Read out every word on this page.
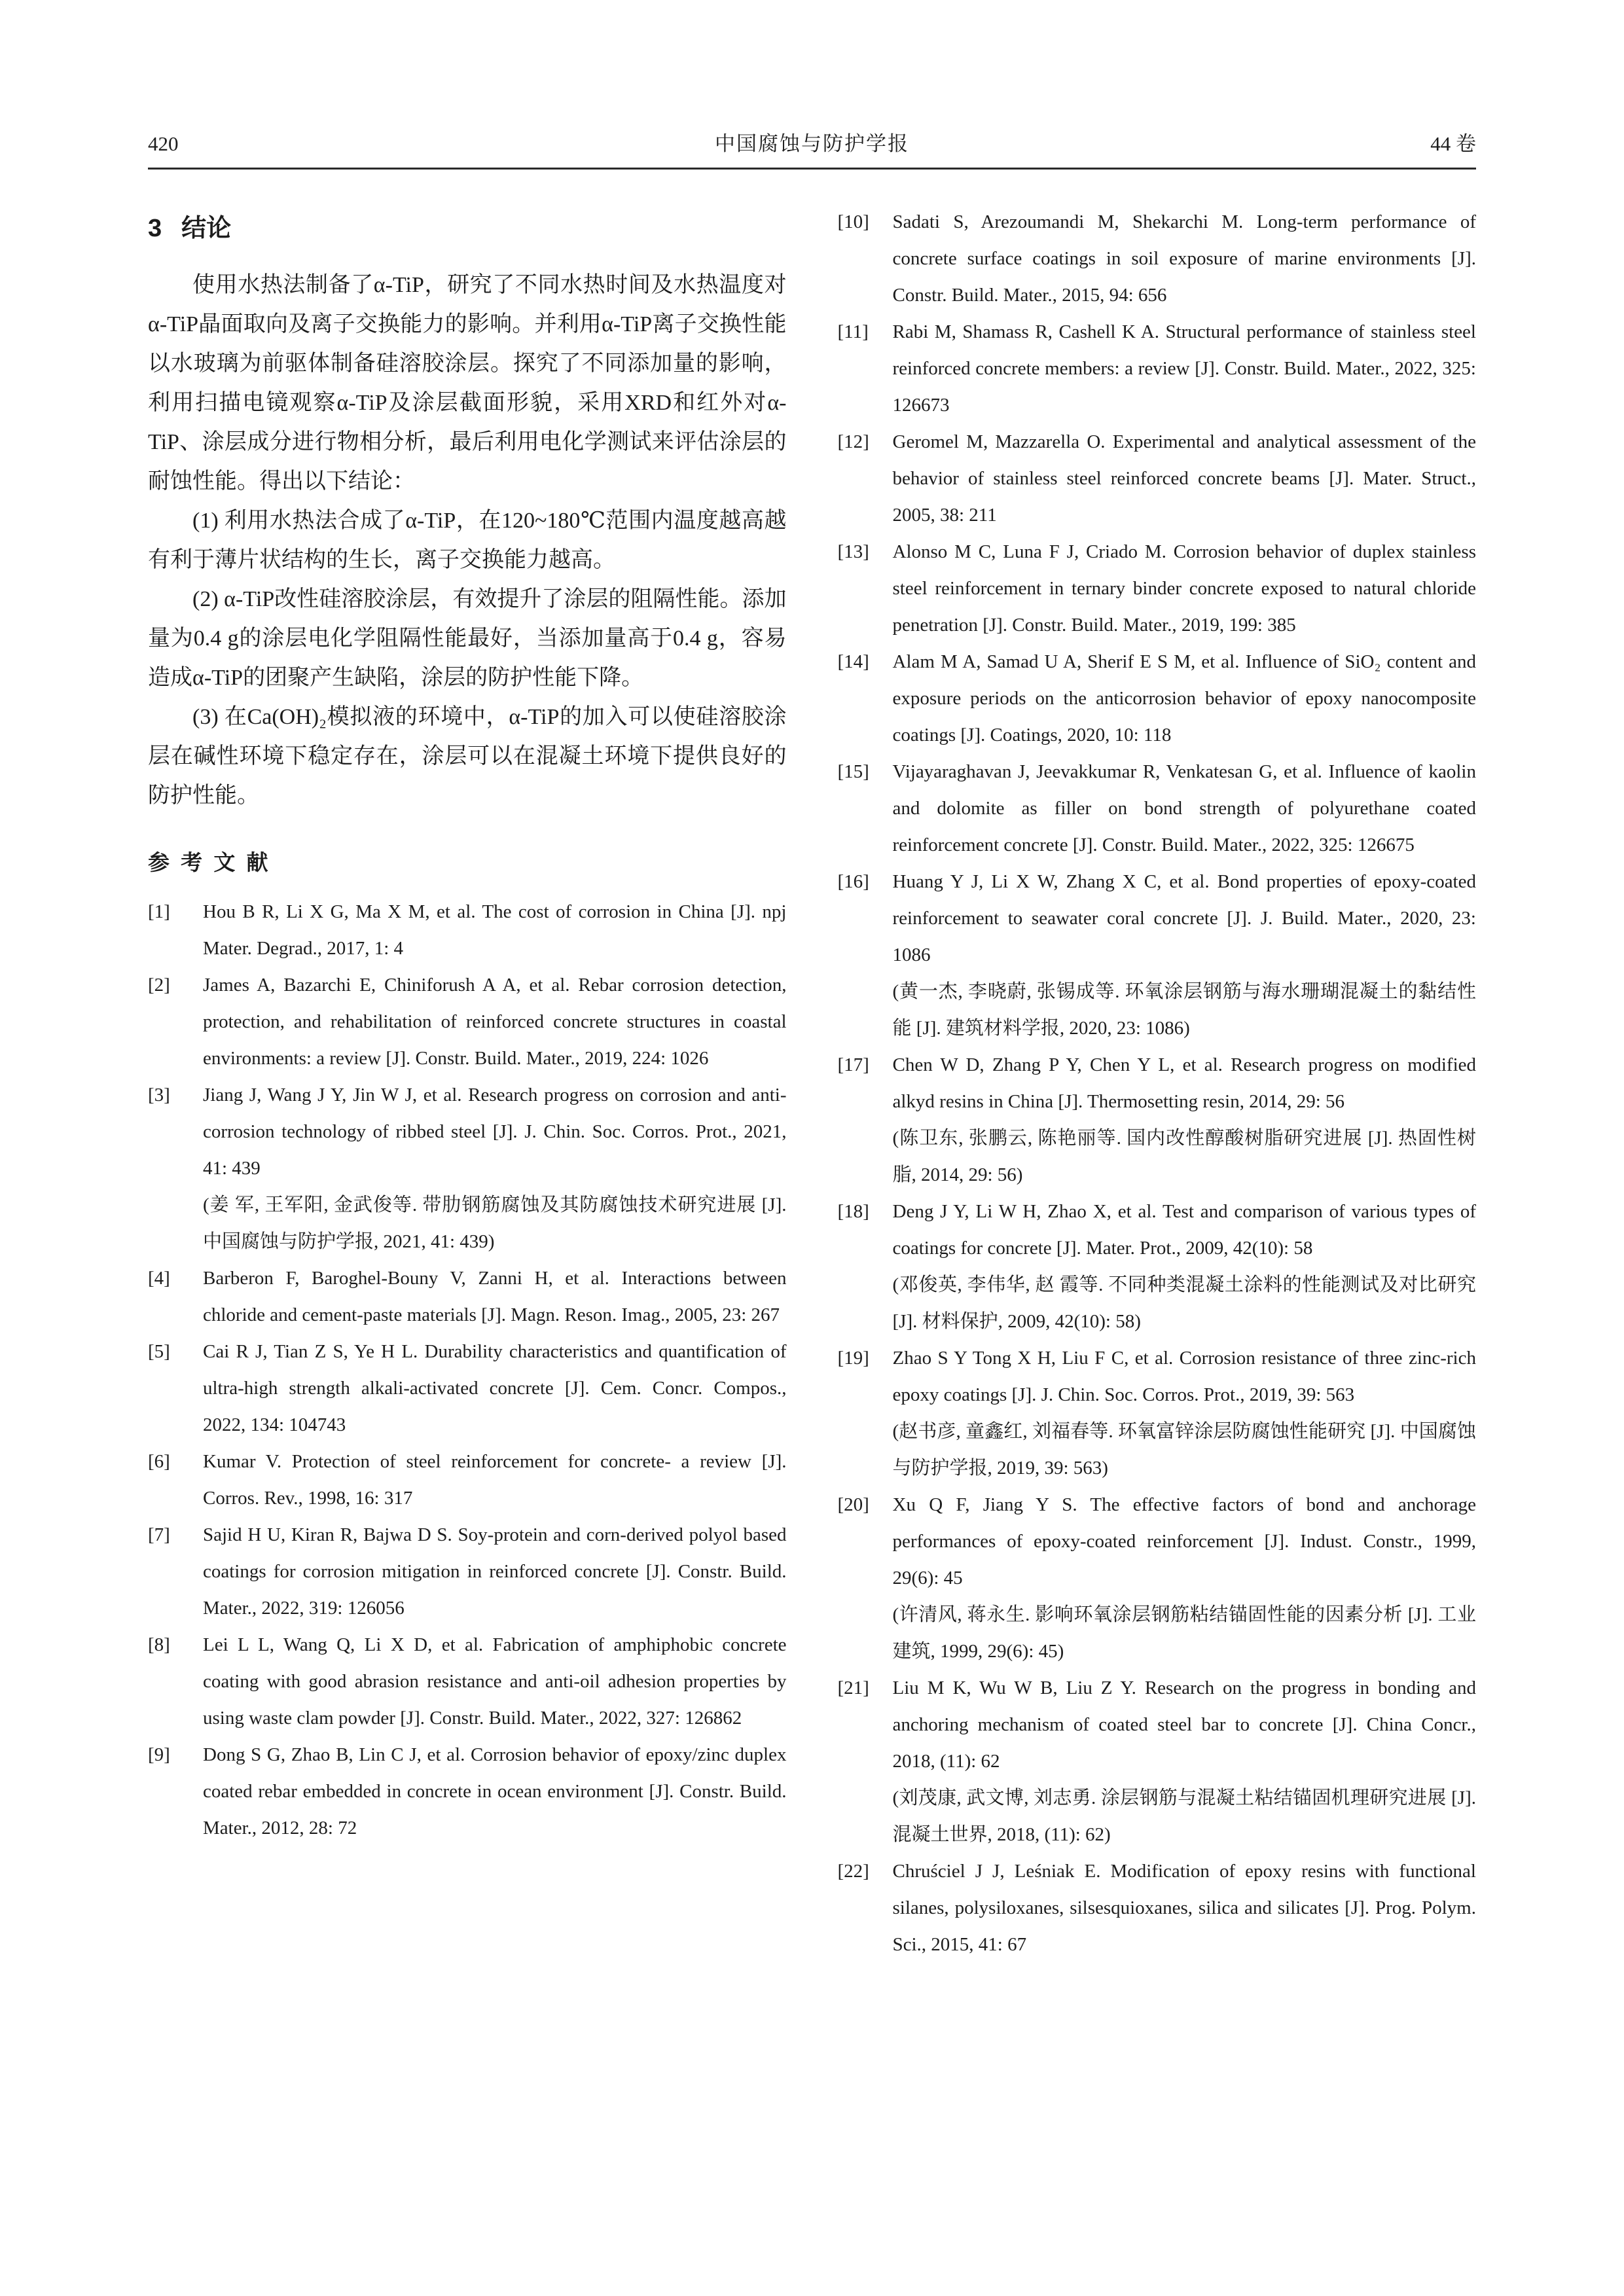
420	中国腐蚀与防护学报	44 卷
3 结论

使用水热法制备了α-TiP，研究了不同水热时间及水热温度对α-TiP晶面取向及离子交换能力的影响。并利用α-TiP离子交换性能以水玻璃为前驱体制备硅溶胶涂层。探究了不同添加量的影响，利用扫描电镜观察α-TiP及涂层截面形貌，采用XRD和红外对α-TiP、涂层成分进行物相分析，最后利用电化学测试来评估涂层的耐蚀性能。得出以下结论：

(1) 利用水热法合成了α-TiP，在120~180℃范围内温度越高越有利于薄片状结构的生长，离子交换能力越高。

(2) α-TiP改性硅溶胶涂层，有效提升了涂层的阻隔性能。添加量为0.4 g的涂层电化学阻隔性能最好，当添加量高于0.4 g，容易造成α-TiP的团聚产生缺陷，涂层的防护性能下降。

(3) 在Ca(OH)₂模拟液的环境中，α-TiP的加入可以使硅溶胶涂层在碱性环境下稳定存在，涂层可以在混凝土环境下提供良好的防护性能。

参 考 文 献
[1]	Hou B R, Li X G, Ma X M, et al. The cost of corrosion in China [J]. npj Mater. Degrad., 2017, 1: 4
[2]	James A, Bazarchi E, Chiniforush A A, et al. Rebar corrosion detection, protection, and rehabilitation of reinforced concrete structures in coastal environments: a review [J]. Constr. Build. Mater., 2019, 224: 1026
[3]	Jiang J, Wang J Y, Jin W J, et al. Research progress on corrosion and anti-corrosion technology of ribbed steel [J]. J. Chin. Soc. Corros. Prot., 2021, 41: 439
(姜 军, 王军阳, 金武俊等. 带肋钢筋腐蚀及其防腐蚀技术研究进展 [J]. 中国腐蚀与防护学报, 2021, 41: 439)
[4]	Barberon F, Baroghel-Bouny V, Zanni H, et al. Interactions between chloride and cement-paste materials [J]. Magn. Reson. Imag., 2005, 23: 267
[5]	Cai R J, Tian Z S, Ye H L. Durability characteristics and quantification of ultra-high strength alkali-activated concrete [J]. Cem. Concr. Compos., 2022, 134: 104743
[6]	Kumar V. Protection of steel reinforcement for concrete- a review [J]. Corros. Rev., 1998, 16: 317
[7]	Sajid H U, Kiran R, Bajwa D S. Soy-protein and corn-derived polyol based coatings for corrosion mitigation in reinforced concrete [J]. Constr. Build. Mater., 2022, 319: 126056
[8]	Lei L L, Wang Q, Li X D, et al. Fabrication of amphiphobic concrete coating with good abrasion resistance and anti-oil adhesion properties by using waste clam powder [J]. Constr. Build. Mater., 2022, 327: 126862
[9]	Dong S G, Zhao B, Lin C J, et al. Corrosion behavior of epoxy/zinc duplex coated rebar embedded in concrete in ocean environment [J]. Constr. Build. Mater., 2012, 28: 72
[10]	Sadati S, Arezoumandi M, Shekarchi M. Long-term performance of concrete surface coatings in soil exposure of marine environments [J]. Constr. Build. Mater., 2015, 94: 656
[11]	Rabi M, Shamass R, Cashell K A. Structural performance of stainless steel reinforced concrete members: a review [J]. Constr. Build. Mater., 2022, 325: 126673
[12]	Geromel M, Mazzarella O. Experimental and analytical assessment of the behavior of stainless steel reinforced concrete beams [J]. Mater. Struct., 2005, 38: 211
[13]	Alonso M C, Luna F J, Criado M. Corrosion behavior of duplex stainless steel reinforcement in ternary binder concrete exposed to natural chloride penetration [J]. Constr. Build. Mater., 2019, 199: 385
[14]	Alam M A, Samad U A, Sherif E S M, et al. Influence of SiO₂ content and exposure periods on the anticorrosion behavior of epoxy nanocomposite coatings [J]. Coatings, 2020, 10: 118
[15]	Vijayaraghavan J, Jeevakkumar R, Venkatesan G, et al. Influence of kaolin and dolomite as filler on bond strength of polyurethane coated reinforcement concrete [J]. Constr. Build. Mater., 2022, 325: 126675
[16]	Huang Y J, Li X W, Zhang X C, et al. Bond properties of epoxy-coated reinforcement to seawater coral concrete [J]. J. Build. Mater., 2020, 23: 1086
(黄一杰, 李晓蔚, 张锡成等. 环氧涂层钢筋与海水珊瑚混凝土的黏结性能 [J]. 建筑材料学报, 2020, 23: 1086)
[17]	Chen W D, Zhang P Y, Chen Y L, et al. Research progress on modified alkyd resins in China [J]. Thermosetting resin, 2014, 29: 56
(陈卫东, 张鹏云, 陈艳丽等. 国内改性醇酸树脂研究进展 [J]. 热固性树脂, 2014, 29: 56)
[18]	Deng J Y, Li W H, Zhao X, et al. Test and comparison of various types of coatings for concrete [J]. Mater. Prot., 2009, 42(10): 58
(邓俊英, 李伟华, 赵 霞等. 不同种类混凝土涂料的性能测试及对比研究 [J]. 材料保护, 2009, 42(10): 58)
[19]	Zhao S Y Tong X H, Liu F C, et al. Corrosion resistance of three zinc-rich epoxy coatings [J]. J. Chin. Soc. Corros. Prot., 2019, 39: 563
(赵书彦, 童鑫红, 刘福春等. 环氧富锌涂层防腐蚀性能研究 [J]. 中国腐蚀与防护学报, 2019, 39: 563)
[20]	Xu Q F, Jiang Y S. The effective factors of bond and anchorage performances of epoxy-coated reinforcement [J]. Indust. Constr., 1999, 29(6): 45
(许清风, 蒋永生. 影响环氧涂层钢筋粘结锚固性能的因素分析 [J]. 工业建筑, 1999, 29(6): 45)
[21]	Liu M K, Wu W B, Liu Z Y. Research on the progress in bonding and anchoring mechanism of coated steel bar to concrete [J]. China Concr., 2018, (11): 62
(刘茂康, 武文博, 刘志勇. 涂层钢筋与混凝土粘结锚固机理研究进展 [J]. 混凝土世界, 2018, (11): 62)
[22]	Chruściel J J, Leśniak E. Modification of epoxy resins with functional silanes, polysiloxanes, silsesquioxanes, silica and silicates [J]. Prog. Polym. Sci., 2015, 41: 67
